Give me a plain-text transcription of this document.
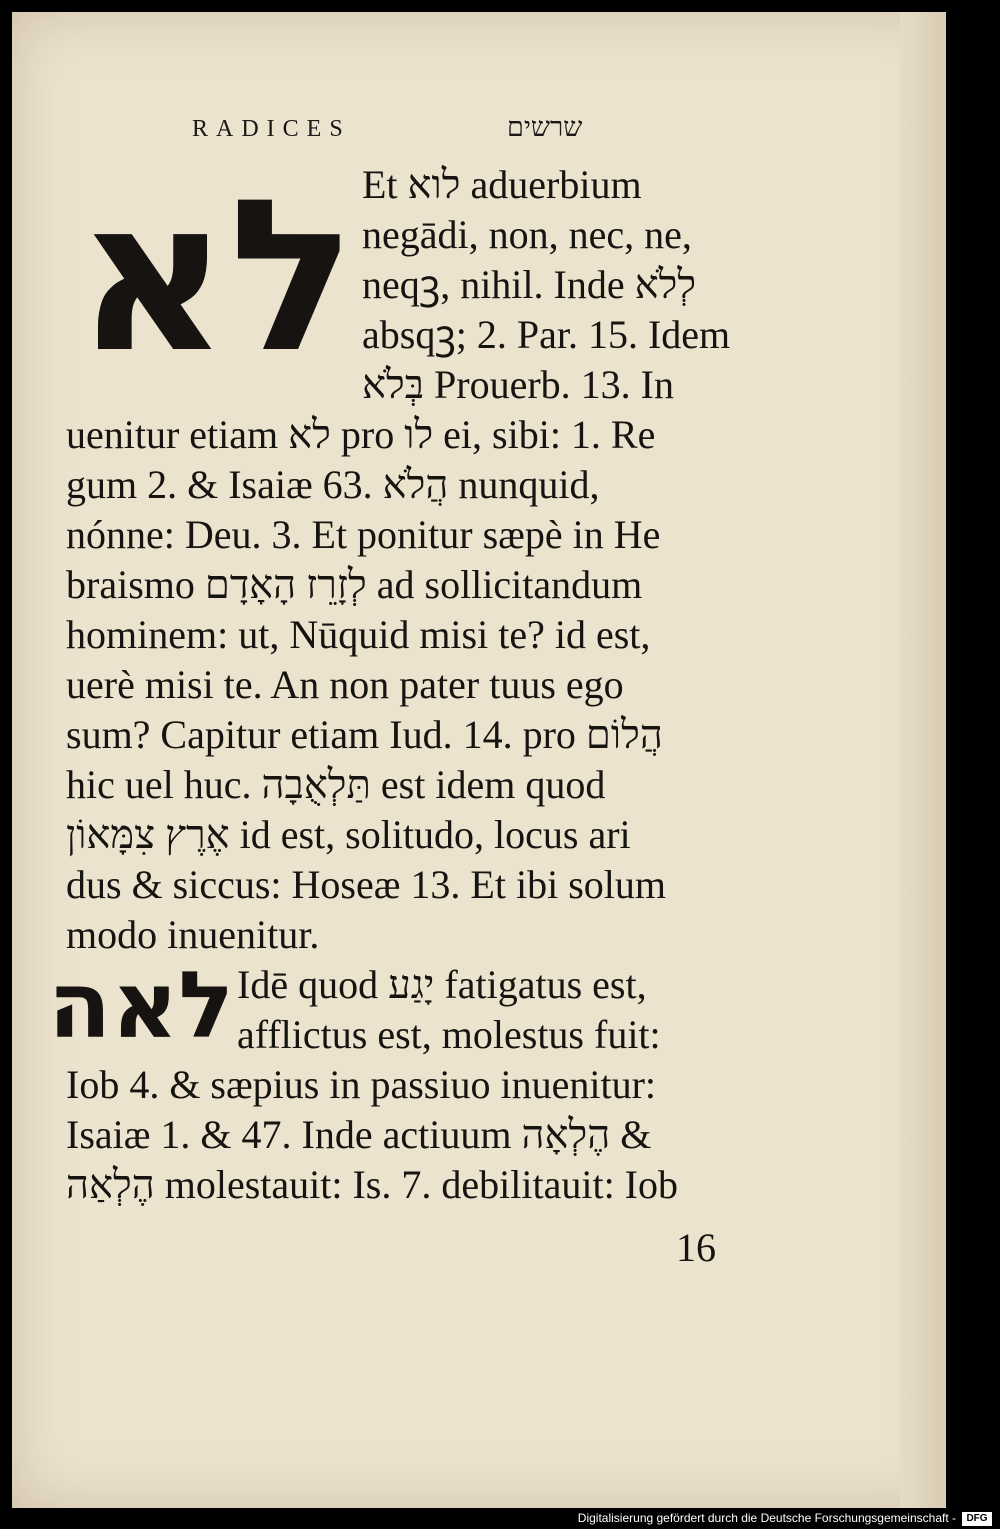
RADICES	שרשים
לא
לאה
Et לוא aduerbium
negādi, non, nec, ne,
neqꝫ, nihil. Inde לְלֹא
absqꝫ; 2. Par. 15. Idem
בְּלֹא Prouerb. 13. In
uenitur etiam לא pro לו ei, sibi: 1. Re
gum 2. & Isaiæ 63. הֲלֹא nunquid,
nónne: Deu. 3. Et ponitur sæpè in He
braismo לְזָרֵז הָאָדָם ad sollicitandum
hominem: ut, Nūquid misi te? id est,
uerè misi te. An non pater tuus ego
sum? Capitur etiam Iud. 14. pro הֲלוֹם
hic uel huc. תַּלְאֻבָה est idem quod
אֶרֶץ צִמָּאוֹן id est, solitudo, locus ari
dus & siccus: Hoseæ 13. Et ibi solum
modo inuenitur.
Idē quod יָגַע fatigatus est,
afflictus est, molestus fuit:
Iob 4. & sæpius in passiuo inuenitur:
Isaiæ 1. & 47. Inde actiuum הֶלְאָה &
הֶלְאַה molestauit: Is. 7. debilitauit: Iob
16
Digitalisierung gefördert durch die Deutsche Forschungsgemeinschaft -	DFG
